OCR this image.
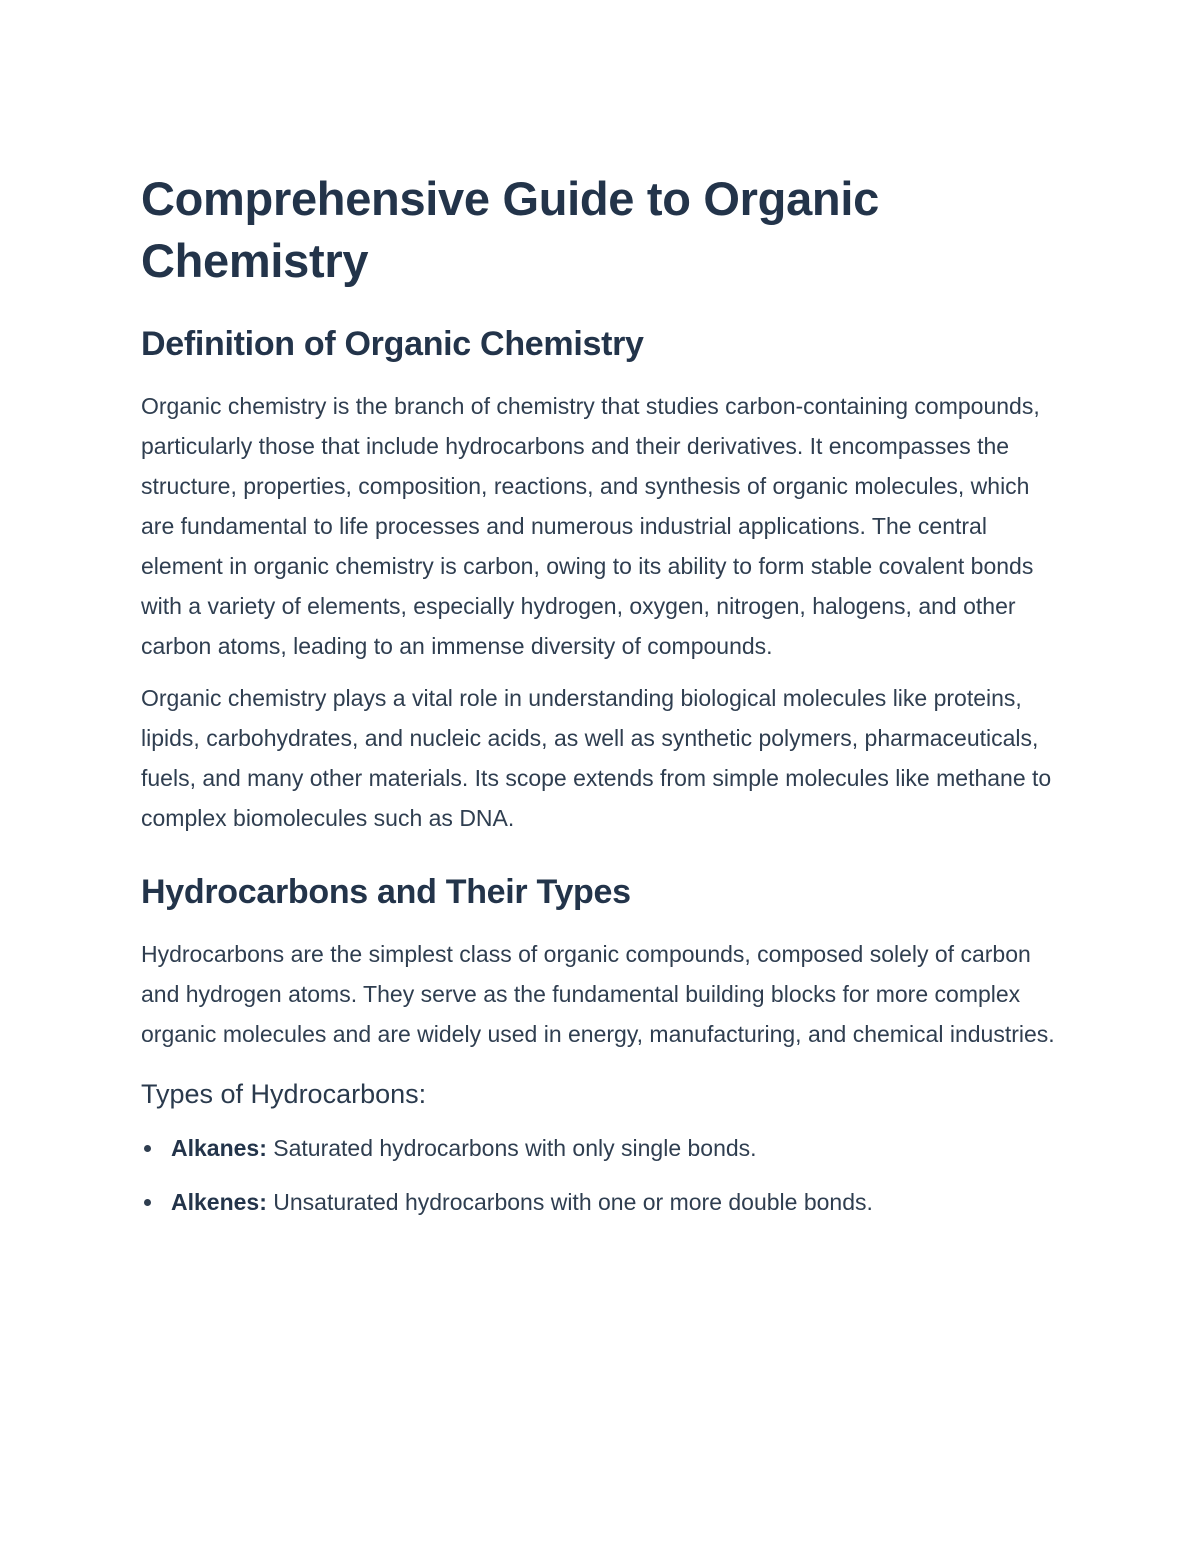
Comprehensive Guide to Organic Chemistry
Definition of Organic Chemistry

Organic chemistry is the branch of chemistry that studies carbon-containing compounds, particularly those that include hydrocarbons and their derivatives. It encompasses the structure, properties, composition, reactions, and synthesis of organic molecules, which are fundamental to life processes and numerous industrial applications. The central element in organic chemistry is carbon, owing to its ability to form stable covalent bonds with a variety of elements, especially hydrogen, oxygen, nitrogen, halogens, and other carbon atoms, leading to an immense diversity of compounds.

Organic chemistry plays a vital role in understanding biological molecules like proteins, lipids, carbohydrates, and nucleic acids, as well as synthetic polymers, pharmaceuticals, fuels, and many other materials. Its scope extends from simple molecules like methane to complex biomolecules such as DNA.

Hydrocarbons and Their Types

Hydrocarbons are the simplest class of organic compounds, composed solely of carbon and hydrogen atoms. They serve as the fundamental building blocks for more complex organic molecules and are widely used in energy, manufacturing, and chemical industries.

Types of Hydrocarbons:
Alkanes: Saturated hydrocarbons with only single bonds.
Alkenes: Unsaturated hydrocarbons with one or more double bonds.
